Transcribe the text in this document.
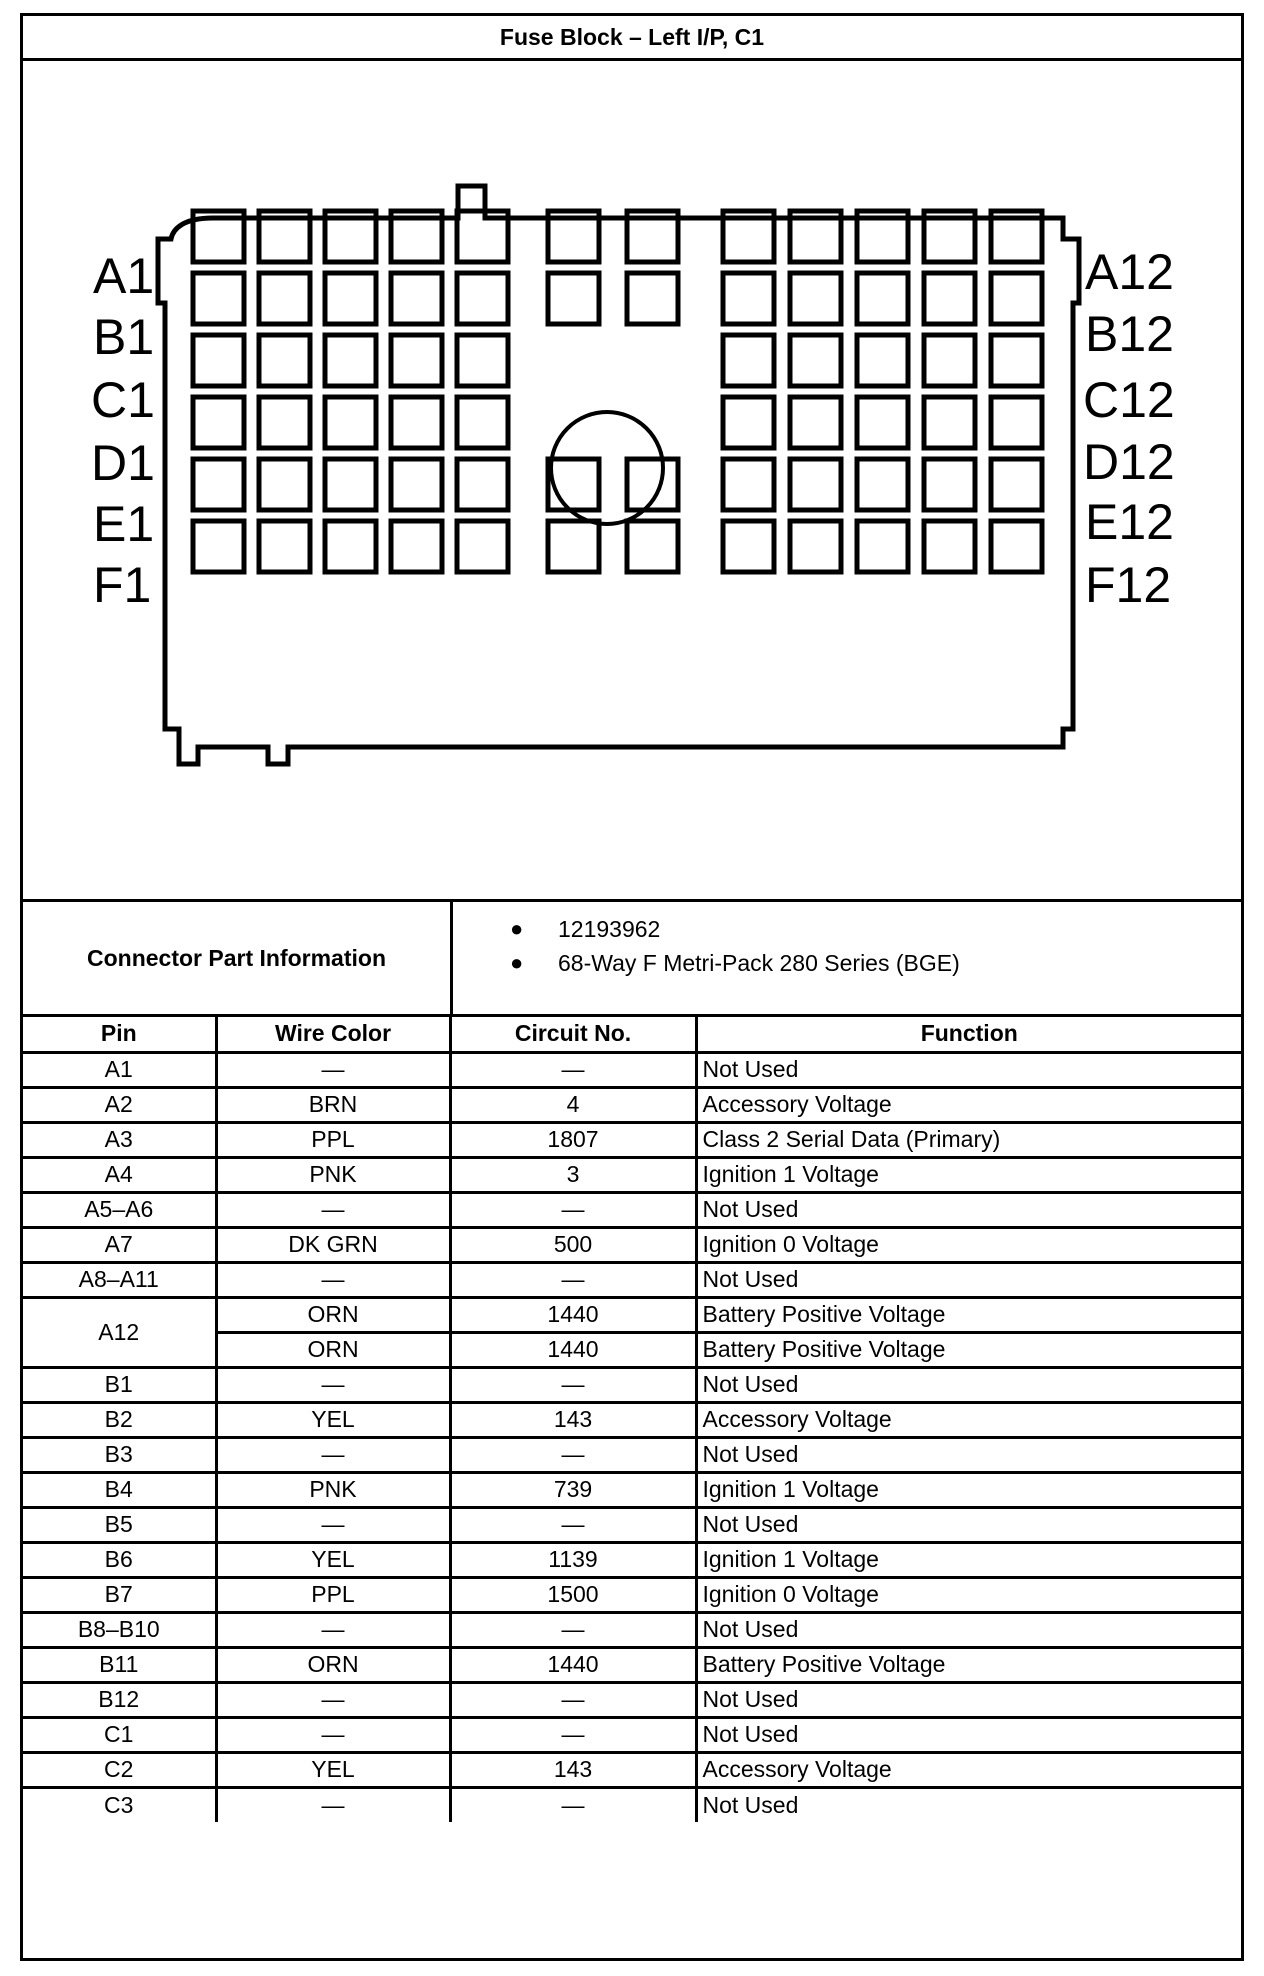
Fuse Block – Left I/P, C1
A1
B1
C1
D1
E1
F1
A12
B12
C12
D12
E12
F12
Connector Part Information
● 12193962
● 68-Way F Metri-Pack 280 Series (BGE)
Pin	Wire Color	Circuit No.	Function
A1	—	—	Not Used
A2	BRN	4	Accessory Voltage
A3	PPL	1807	Class 2 Serial Data (Primary)
A4	PNK	3	Ignition 1 Voltage
A5–A6	—	—	Not Used
A7	DK GRN	500	Ignition 0 Voltage
A8–A11	—	—	Not Used
A12	ORN	1440	Battery Positive Voltage
	ORN	1440	Battery Positive Voltage
B1	—	—	Not Used
B2	YEL	143	Accessory Voltage
B3	—	—	Not Used
B4	PNK	739	Ignition 1 Voltage
B5	—	—	Not Used
B6	YEL	1139	Ignition 1 Voltage
B7	PPL	1500	Ignition 0 Voltage
B8–B10	—	—	Not Used
B11	ORN	1440	Battery Positive Voltage
B12	—	—	Not Used
C1	—	—	Not Used
C2	YEL	143	Accessory Voltage
C3	—	—	Not Used
